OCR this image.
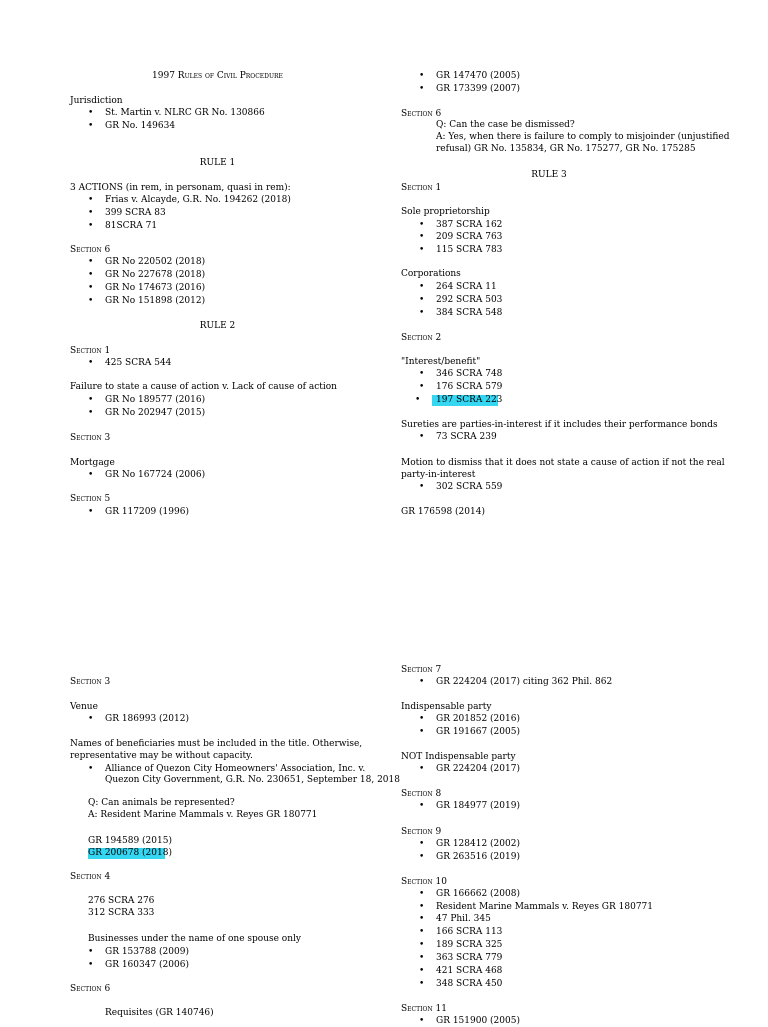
1997 Rules of Civil Procedure
Jurisdiction
• St. Martin v. NLRC GR No. 130866
• GR No. 149634
RULE 1
3 ACTIONS (in rem, in personam, quasi in rem):
• Frias v. Alcayde, G.R. No. 194262 (2018)
• 399 SCRA 83
• 81SCRA 71
Section 6
• GR No 220502 (2018)
• GR No 227678 (2018)
• GR No 174673 (2016)
• GR No 151898 (2012)
RULE 2
Section 1
• 425 SCRA 544
Failure to state a cause of action v. Lack of cause of action
• GR No 189577 (2016)
• GR No 202947 (2015)
Section 3
Mortgage
• GR No 167724 (2006)
Section 5
• GR 117209 (1996)
• GR 147470 (2005)
• GR 173399 (2007)
Section 6
Q: Can the case be dismissed?
A: Yes, when there is failure to comply to misjoinder (unjustified
refusal) GR No. 135834, GR No. 175277, GR No. 175285
RULE 3
Section 1
Sole proprietorship
• 387 SCRA 162
• 209 SCRA 763
• 115 SCRA 783
Corporations
• 264 SCRA 11
• 292 SCRA 503
• 384 SCRA 548
Section 2
"Interest/benefit"
• 346 SCRA 748
• 176 SCRA 579
• 197 SCRA 223
Sureties are parties-in-interest if it includes their performance bonds
• 73 SCRA 239
Motion to dismiss that it does not state a cause of action if not the real
party-in-interest
• 302 SCRA 559
GR 176598 (2014)
Section 3
Venue
• GR 186993 (2012)
Names of beneficiaries must be included in the title. Otherwise,
representative may be without capacity.
• Alliance of Quezon City Homeowners' Association, Inc. v.
Quezon City Government, G.R. No. 230651, September 18, 2018
Q: Can animals be represented?
A: Resident Marine Mammals v. Reyes GR 180771
GR 194589 (2015)
GR 200678 (2018)
Section 4
276 SCRA 276
312 SCRA 333
Businesses under the name of one spouse only
• GR 153788 (2009)
• GR 160347 (2006)
Section 6
Requisites (GR 140746)
Section 7
• GR 224204 (2017) citing 362 Phil. 862
Indispensable party
• GR 201852 (2016)
• GR 191667 (2005)
NOT Indispensable party
• GR 224204 (2017)
Section 8
• GR 184977 (2019)
Section 9
• GR 128412 (2002)
• GR 263516 (2019)
Section 10
• GR 166662 (2008)
• Resident Marine Mammals v. Reyes GR 180771
• 47 Phil. 345
• 166 SCRA 113
• 189 SCRA 325
• 363 SCRA 779
• 421 SCRA 468
• 348 SCRA 450
Section 11
• GR 151900 (2005)
